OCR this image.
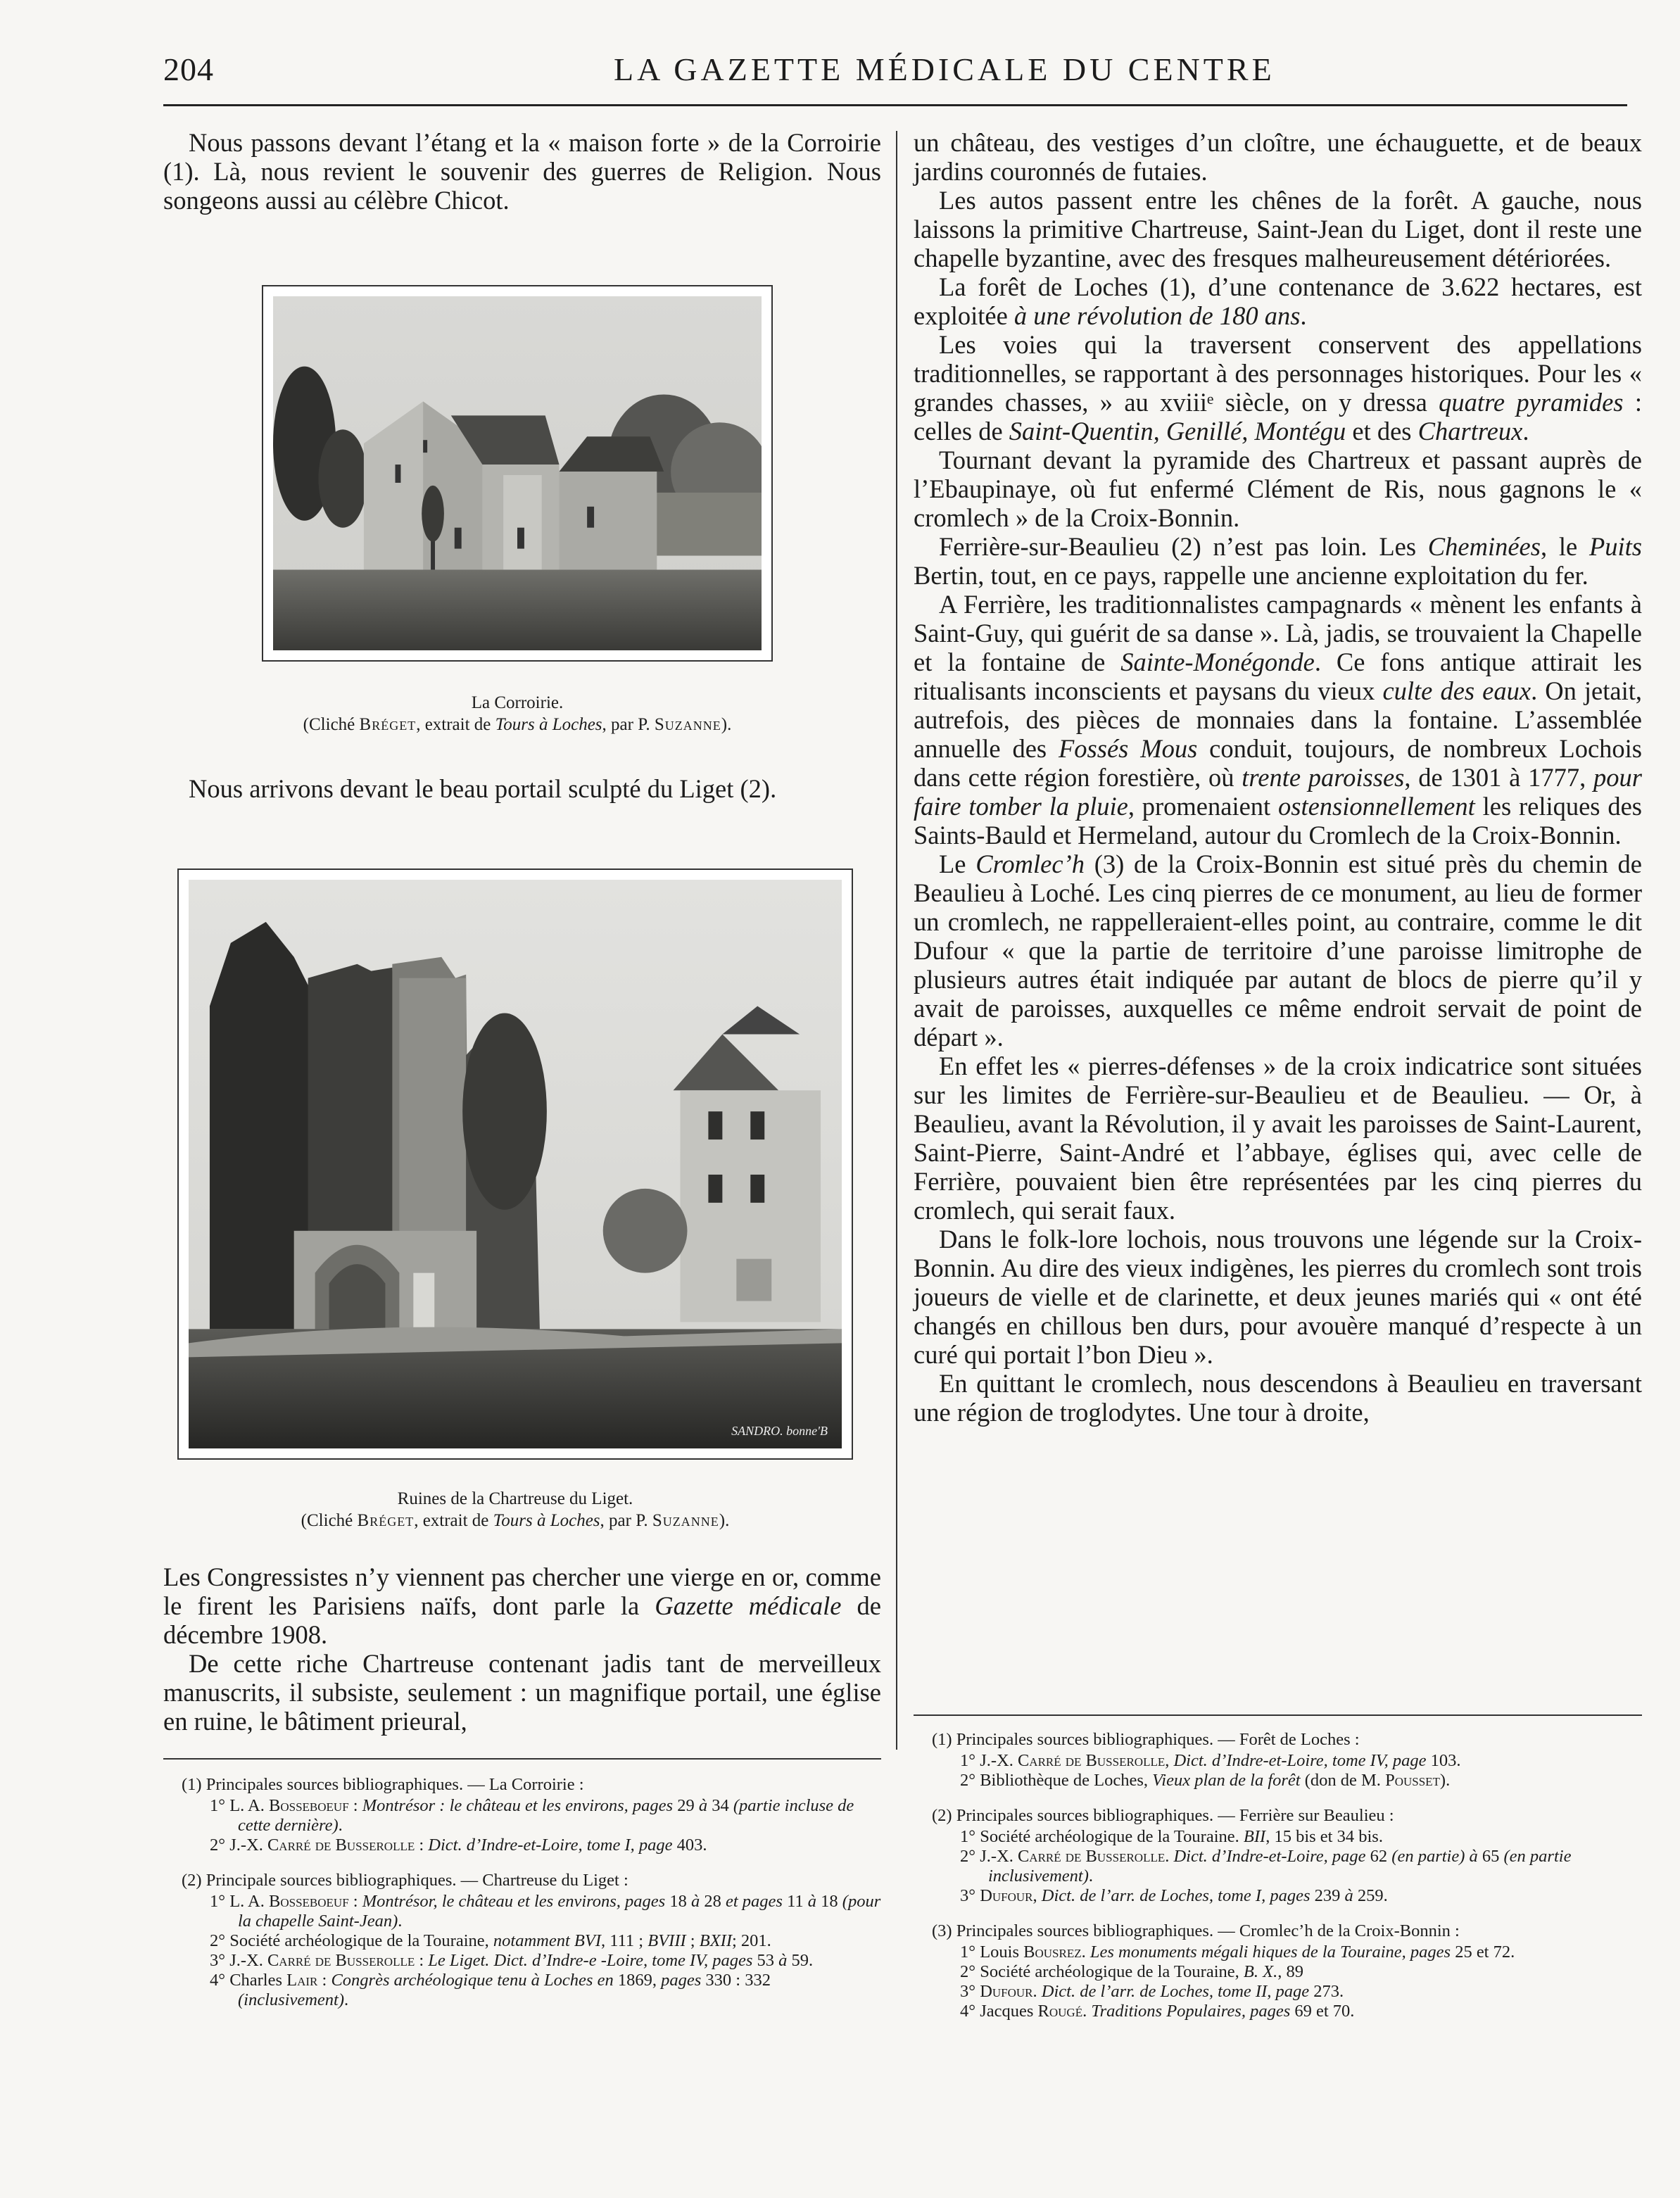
204	LA GAZETTE MÉDICALE DU CENTRE

Nous passons devant l’étang et la « maison forte » de la Corroirie (1). Là, nous revient le souvenir des guerres de Religion. Nous songeons aussi au célèbre Chicot.

La Corroirie.
(Cliché Bréget, extrait de Tours à Loches, par P. Suzanne).

Nous arrivons devant le beau portail sculpté du Liget (2).

SANDRO. bonne'B
Ruines de la Chartreuse du Liget.
(Cliché Bréget, extrait de Tours à Loches, par P. Suzanne).

Les Congressistes n’y viennent pas chercher une vierge en or, comme le firent les Parisiens naïfs, dont parle la Gazette médicale de décembre 1908.

De cette riche Chartreuse contenant jadis tant de merveilleux manuscrits, il subsiste, seulement : un magnifique portail, une église en ruine, le bâtiment prieural,

un château, des vestiges d’un cloître, une échauguette, et de beaux jardins couronnés de futaies.

Les autos passent entre les chênes de la forêt. A gauche, nous laissons la primitive Chartreuse, Saint-Jean du Liget, dont il reste une chapelle byzantine, avec des fresques malheureusement détériorées.

La forêt de Loches (1), d’une contenance de 3.622 hectares, est exploitée à une révolution de 180 ans.

Les voies qui la traversent conservent des appellations traditionnelles, se rapportant à des personnages historiques. Pour les « grandes chasses, » au xviiiᵉ siècle, on y dressa quatre pyramides : celles de Saint-Quentin, Genillé, Montégu et des Chartreux.

Tournant devant la pyramide des Chartreux et passant auprès de l’Ebaupinaye, où fut enfermé Clément de Ris, nous gagnons le « cromlech » de la Croix-Bonnin.

Ferrière-sur-Beaulieu (2) n’est pas loin. Les Cheminées, le Puits Bertin, tout, en ce pays, rappelle une ancienne exploitation du fer.

A Ferrière, les traditionnalistes campagnards « mènent les enfants à Saint-Guy, qui guérit de sa danse ». Là, jadis, se trouvaient la Chapelle et la fontaine de Sainte-Monégonde. Ce fons antique attirait les ritualisants inconscients et paysans du vieux culte des eaux. On jetait, autrefois, des pièces de monnaies dans la fontaine. L’assemblée annuelle des Fossés Mous conduit, toujours, de nombreux Lochois dans cette région forestière, où trente paroisses, de 1301 à 1777, pour faire tomber la pluie, promenaient ostensionnellement les reliques des Saints-Bauld et Hermeland, autour du Cromlech de la Croix-Bonnin.

Le Cromlec’h (3) de la Croix-Bonnin est situé près du chemin de Beaulieu à Loché. Les cinq pierres de ce monument, au lieu de former un cromlech, ne rappelleraient-elles point, au contraire, comme le dit Dufour « que la partie de territoire d’une paroisse limitrophe de plusieurs autres était indiquée par autant de blocs de pierre qu’il y avait de paroisses, auxquelles ce même endroit servait de point de départ ».

En effet les « pierres-défenses » de la croix indicatrice sont situées sur les limites de Ferrière-sur-Beaulieu et de Beaulieu. — Or, à Beaulieu, avant la Révolution, il y avait les paroisses de Saint-Laurent, Saint-Pierre, Saint-André et l’abbaye, églises qui, avec celle de Ferrière, pouvaient bien être représentées par les cinq pierres du cromlech, qui serait faux.

Dans le folk-lore lochois, nous trouvons une légende sur la Croix-Bonnin. Au dire des vieux indigènes, les pierres du cromlech sont trois joueurs de vielle et de clarinette, et deux jeunes mariés qui « ont été changés en chillous ben durs, pour avouère manqué d’respecte à un curé qui portait l’bon Dieu ».

En quittant le cromlech, nous descendons à Beaulieu en traversant une région de troglodytes. Une tour à droite,

(1) Principales sources bibliographiques. — La Corroirie :
1° L. A. Bosseboeuf : Montrésor : le château et les environs, pages 29 à 34 (partie incluse de cette dernière).
2° J.-X. Carré de Busserolle : Dict. d’Indre-et-Loire, tome I, page 403.
(2) Principale sources bibliographiques. — Chartreuse du Liget :
1° L. A. Bosseboeuf : Montrésor, le château et les environs, pages 18 à 28 et pages 11 à 18 (pour la chapelle Saint-Jean).
2° Société archéologique de la Touraine, notamment BVI, 111 ; BVIII ; BXII; 201.
3° J.-X. Carré de Busserolle : Le Liget. Dict. d’Indre-e -Loire, tome IV, pages 53 à 59.
4° Charles Lair : Congrès archéologique tenu à Loches en 1869, pages 330 : 332 (inclusivement).
(1) Principales sources bibliographiques. — Forêt de Loches :
1° J.-X. Carré de Busserolle, Dict. d’Indre-et-Loire, tome IV, page 103.
2° Bibliothèque de Loches, Vieux plan de la forêt (don de M. Pousset).
(2) Principales sources bibliographiques. — Ferrière sur Beaulieu :
1° Société archéologique de la Touraine. BII, 15 bis et 34 bis.
2° J.-X. Carré de Busserolle. Dict. d’Indre-et-Loire, page 62 (en partie) à 65 (en partie inclusivement).
3° Dufour, Dict. de l’arr. de Loches, tome I, pages 239 à 259.
(3) Principales sources bibliographiques. — Cromlec’h de la Croix-Bonnin :
1° Louis Bousrez. Les monuments mégali hiques de la Touraine, pages 25 et 72.
2° Société archéologique de la Touraine, B. X., 89
3° Dufour. Dict. de l’arr. de Loches, tome II, page 273.
4° Jacques Rougé. Traditions Populaires, pages 69 et 70.
